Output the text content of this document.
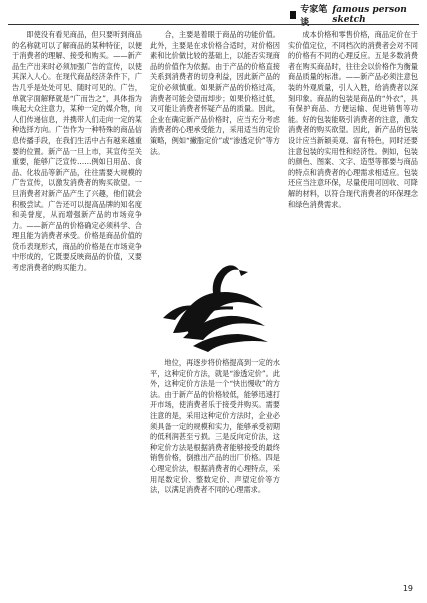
专家笔谈
famous person sketch

即使没有看见商品，但只要听到商品的名称就可以了解商品的某种特征，以便于消费者的理解、接受和购买。——新产品生产出来时必须加强广告的宣传，以使其深入人心。在现代商品经济条件下，广告几乎是处处可见、随时可见的。广告，单就字面解释就是“广而告之”，具体指为唤起大众注意力，某种一定的媒介物，向人们传递信息，并携带人们走向一定的某种选择方向。广告作为一种特殊的商品信息传播手段，在我们生活中占有越来越重要的位置。新产品一旦上市，其宣传至关重要，能够广泛宣传……例如日用品、食品、化妆品等新产品，往往需要大规模的广告宣传，以激发消费者的购买欲望。一旦消费者对新产品产生了兴趣，他们就会积极尝试。广告还可以提高品牌的知名度和美誉度，从而增强新产品的市场竞争力。——新产品的价格确定必须科学、合理且能为消费者承受。价格是商品价值的货币表现形式，商品的价格是在市场竞争中形成的，它既要反映商品的价值，又要考虑消费者的购买能力。

合，主要是着眼于商品的功能价值。此外，主要是在求价格合适时，对价格因素和比价做比较的基础上，以能否实现商品的价值作为依据。由于产品的价格直接关系到消费者的切身利益，因此新产品的定价必须慎重。如果新产品的价格过高，消费者可能会望而却步；如果价格过低，又可能让消费者怀疑产品的质量。因此，企业在确定新产品价格时，应当充分考虑消费者的心理承受能力，采用适当的定价策略，例如“撇脂定价”或“渗透定价”等方法。

地位，再逐步将价格提高到一定的水平，这种定价方法，就是“渗透定价”。此外，这种定价方法是一个“快出慢收”的方法。由于新产品的价格较低，能够迅速打开市场，使消费者乐于接受并购买。需要注意的是，采用这种定价方法时，企业必须具备一定的规模和实力，能够承受初期的低利润甚至亏损。三是反向定价法，这种定价方法是根据消费者能够接受的最终销售价格，倒推出产品的出厂价格。四是心理定价法，根据消费者的心理特点，采用尾数定价、整数定价、声望定价等方法，以满足消费者不同的心理需求。

成本价格和零售价格，商品定价在于实价值定位，不同档次的消费者会对不同的价格有不同的心理反应。五是多数消费者在购买商品时，往往会以价格作为衡量商品质量的标准。——新产品必须注意包装的外观质量，引人入胜，给消费者以深刻印象。商品的包装是商品的“外衣”，具有保护商品、方便运输、促进销售等功能。好的包装能吸引消费者的注意，激发消费者的购买欲望。因此，新产品的包装设计应当新颖美观、富有特色，同时还要注意包装的实用性和经济性。例如，包装的颜色、图案、文字、造型等都要与商品的特点和消费者的心理需求相适应。包装还应当注意环保，尽量使用可回收、可降解的材料，以符合现代消费者的环保理念和绿色消费需求。

19
